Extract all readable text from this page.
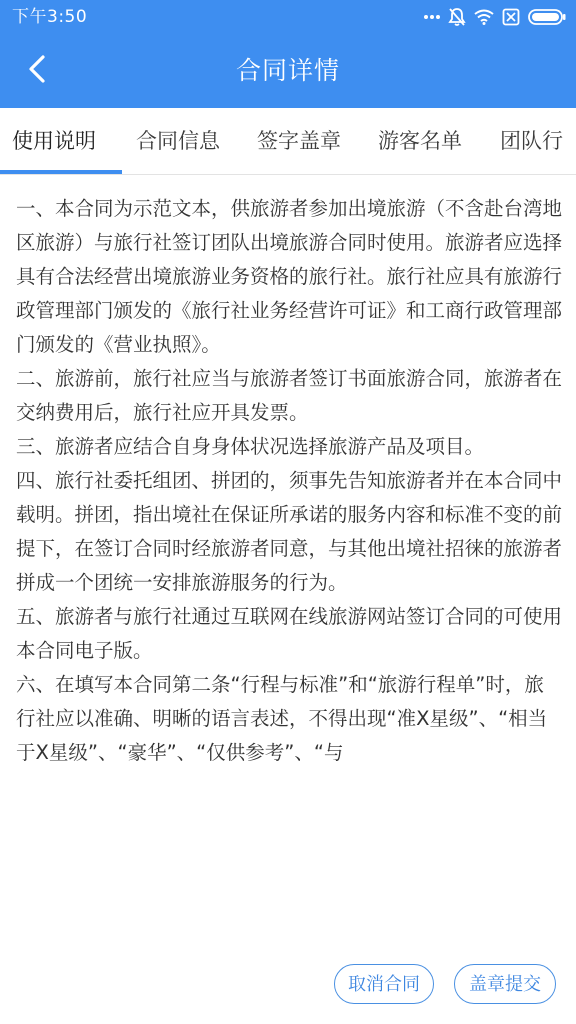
下午3:50
合同详情
使用说明 合同信息 签字盖章 游客名单 团队行

一、本合同为示范文本，供旅游者参加出境旅游（不含赴台湾地区旅游）与旅行社签订团队出境旅游合同时使用。旅游者应选择具有合法经营出境旅游业务资格的旅行社。旅行社应具有旅游行政管理部门颁发的《旅行社业务经营许可证》和工商行政管理部门颁发的《营业执照》。

二、旅游前，旅行社应当与旅游者签订书面旅游合同，旅游者在交纳费用后，旅行社应开具发票。

三、旅游者应结合自身身体状况选择旅游产品及项目。

四、旅行社委托组团、拼团的，须事先告知旅游者并在本合同中载明。拼团，指出境社在保证所承诺的服务内容和标准不变的前提下，在签订合同时经旅游者同意，与其他出境社招徕的旅游者拼成一个团统一安排旅游服务的行为。

五、旅游者与旅行社通过互联网在线旅游网站签订合同的可使用本合同电子版。

六、在填写本合同第二条“行程与标准”和“旅游行程单”时，旅行社应以准确、明晰的语言表述，不得出现“准X星级”、“相当于X星级”、“豪华”、“仅供参考”、“与

取消合同	盖章提交
